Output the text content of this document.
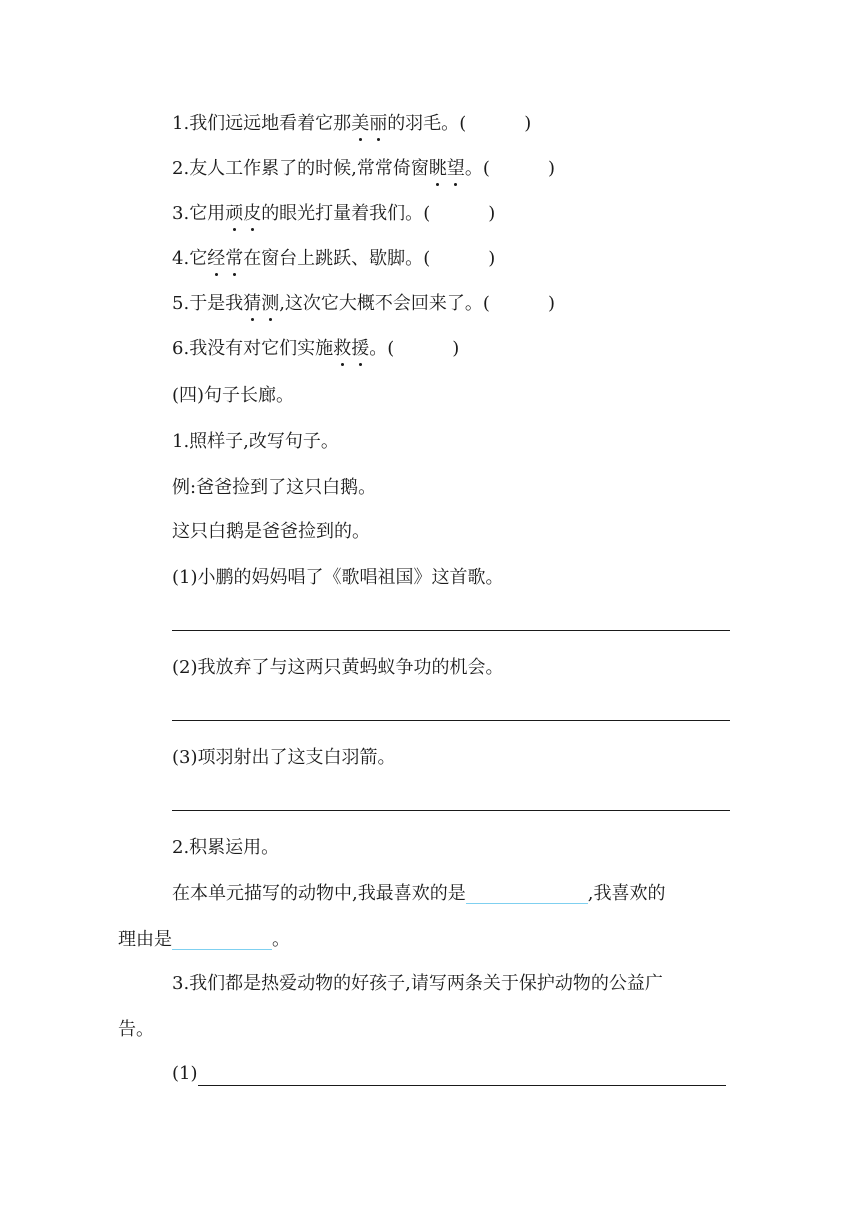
1.我们远远地看着它那美丽的羽毛。(	)
2.友人工作累了的时候,常常倚窗眺望。(	)
3.它用顽皮的眼光打量着我们。(	)
4.它经常在窗台上跳跃、歇脚。(	)
5.于是我猜测,这次它大概不会回来了。(	)
6.我没有对它们实施救援。(	)
(四)句子长廊。
1.照样子,改写句子。
例:爸爸捡到了这只白鹅。
这只白鹅是爸爸捡到的。
(1)小鹏的妈妈唱了《歌唱祖国》这首歌。
(2)我放弃了与这两只黄蚂蚁争功的机会。
(3)项羽射出了这支白羽箭。
2.积累运用。
在本单元描写的动物中,我最喜欢的是	,我喜欢的
理由是	。
3.我们都是热爱动物的好孩子,请写两条关于保护动物的公益广
告。
(1)
